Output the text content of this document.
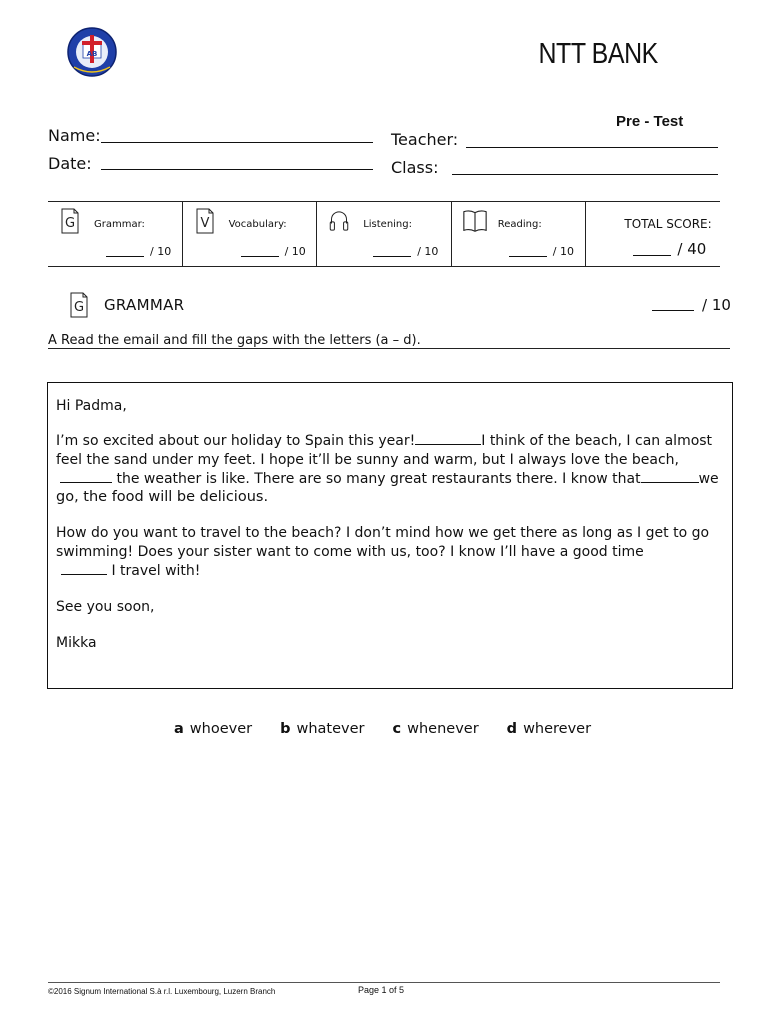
AB	NTT BANK
Pre - Test
Name:
Date:
Teacher:
Class:
G Grammar:
/ 10
V Vocabulary:
/ 10
Listening:
/ 10
Reading:
/ 10
TOTAL SCORE:
/ 40
G GRAMMAR	/ 10
A Read the email and fill the gaps with the letters (a – d).

Hi Padma,

I’m so excited about our holiday to Spain this year!	I think of the beach, I can almost

feel the sand under my feet. I hope it’ll be sunny and warm, but I always love the beach,

the weather is like. There are so many great restaurants there. I know that	we

go, the food will be delicious.

How do you want to travel to the beach? I don’t mind how we get there as long as I get to go

swimming! Does your sister want to come with us, too? I know I’ll have a good time

I travel with!

See you soon,

Mikka

a whoever b whatever c whenever d wherever
©2016 Signum International S.à r.l. Luxembourg, Luzern Branch	Page 1 of 5
